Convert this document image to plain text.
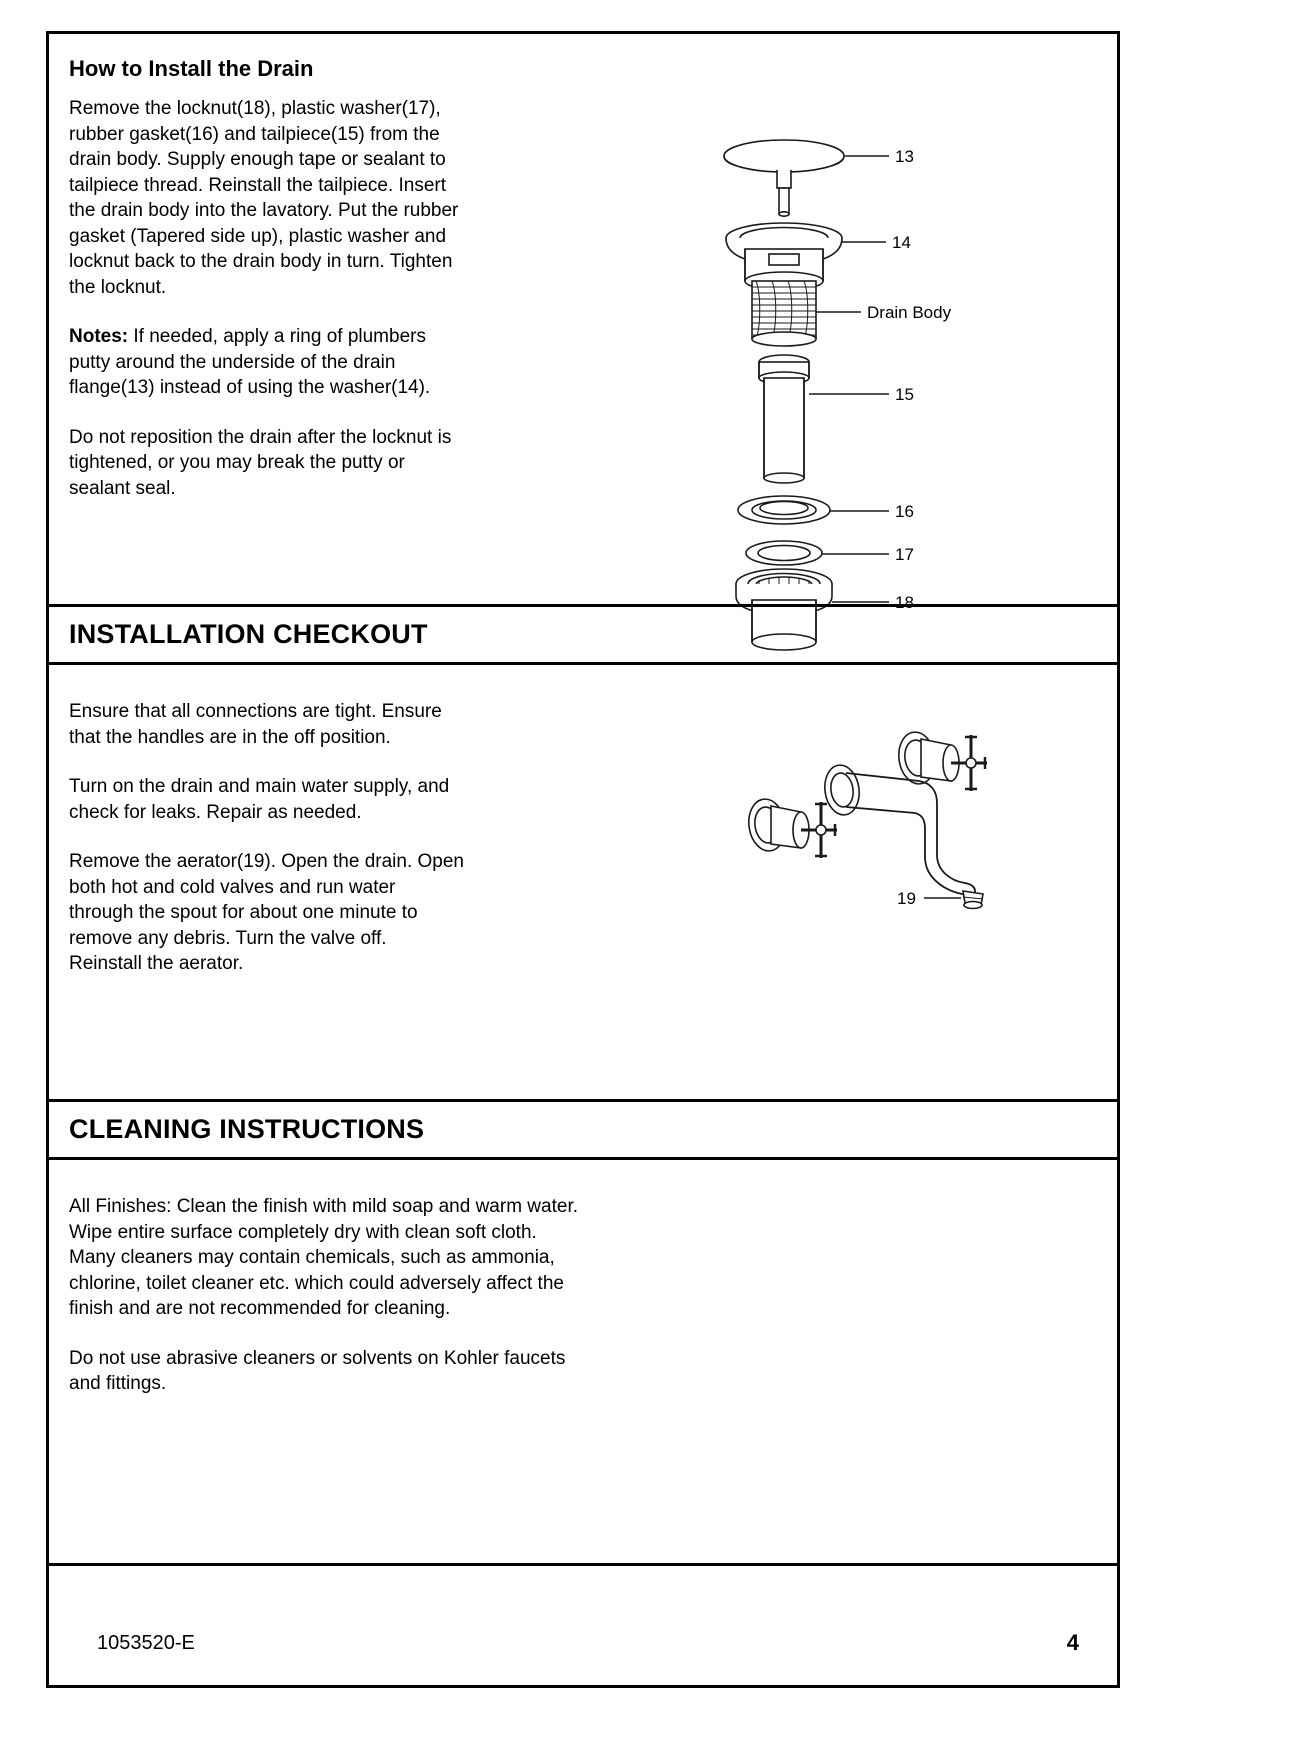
How to Install the Drain

Remove the locknut(18), plastic washer(17), rubber gasket(16) and tailpiece(15) from the drain body. Supply enough tape or sealant to tailpiece thread. Reinstall the tailpiece. Insert the drain body into the lavatory. Put the rubber gasket (Tapered side up), plastic washer and locknut back to the drain body in turn. Tighten the locknut.

Notes: If needed, apply a ring of plumbers putty around the underside of the drain flange(13) instead of using the washer(14).

Do not reposition the drain after the locknut is tightened, or you may break the putty or sealant seal.

13
14
Drain Body
15
16
17
18
INSTALLATION CHECKOUT

Ensure that all connections are tight. Ensure that the handles are in the off position.

Turn on the drain and main water supply, and check for leaks. Repair as needed.

Remove the aerator(19). Open the drain. Open both hot and cold valves and run water through the spout for about one minute to remove any debris. Turn the valve off. Reinstall the aerator.

19
CLEANING INSTRUCTIONS

All Finishes: Clean the finish with mild soap and warm water. Wipe entire surface completely dry with clean soft cloth. Many cleaners may contain chemicals, such as ammonia, chlorine, toilet cleaner etc. which could adversely affect the finish and are not recommended for cleaning.

Do not use abrasive cleaners or solvents on Kohler faucets and fittings.

1053520-E	4
